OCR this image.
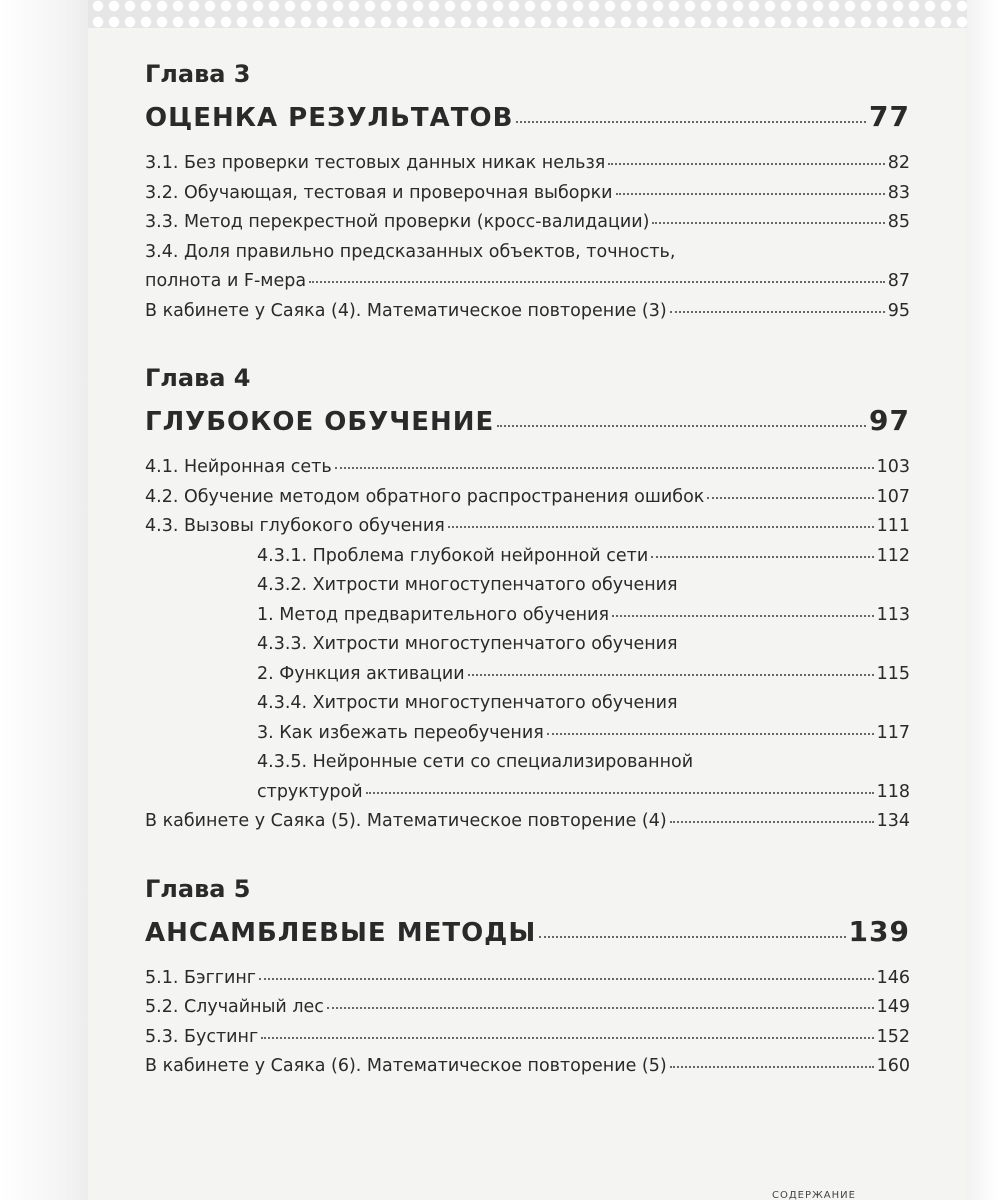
Глава 3
ОЦЕНКА РЕЗУЛЬТАТОВ	77
3.1. Без проверки тестовых данных никак нельзя	82
3.2. Обучающая, тестовая и проверочная выборки	83
3.3. Метод перекрестной проверки (кросс-валидации)	85
3.4. Доля правильно предсказанных объектов, точность,
полнота и F-мера	87
В кабинете у Саяка (4). Математическое повторение (3)	95
Глава 4
ГЛУБОКОЕ ОБУЧЕНИЕ	97
4.1. Нейронная сеть	103
4.2. Обучение методом обратного распространения ошибок	107
4.3. Вызовы глубокого обучения	111
4.3.1. Проблема глубокой нейронной сети	112
4.3.2. Хитрости многоступенчатого обучения
1. Метод предварительного обучения	113
4.3.3. Хитрости многоступенчатого обучения
2. Функция активации	115
4.3.4. Хитрости многоступенчатого обучения
3. Как избежать переобучения	117
4.3.5. Нейронные сети со специализированной
структурой	118
В кабинете у Саяка (5). Математическое повторение (4)	134
Глава 5
АНСАМБЛЕВЫЕ МЕТОДЫ	139
5.1. Бэггинг	146
5.2. Случайный лес	149
5.3. Бустинг	152
В кабинете у Саяка (6). Математическое повторение (5)	160
СОДЕРЖАНИЕ
